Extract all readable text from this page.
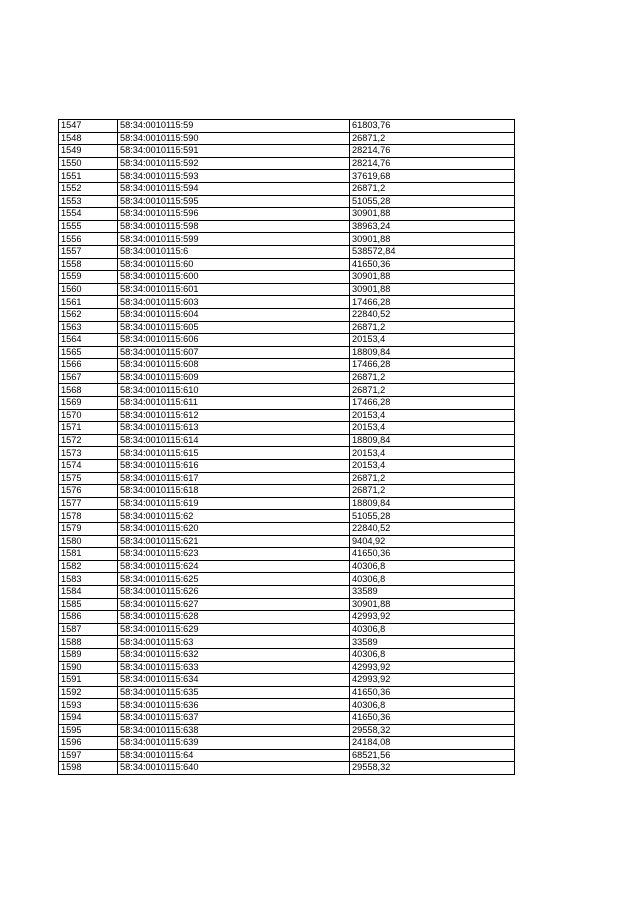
1547	58:34:0010115:59	61803,76
1548	58:34:0010115:590	26871,2
1549	58:34:0010115:591	28214,76
1550	58:34:0010115:592	28214,76
1551	58:34:0010115:593	37619,68
1552	58:34:0010115:594	26871,2
1553	58:34:0010115:595	51055,28
1554	58:34:0010115:596	30901,88
1555	58:34:0010115:598	38963,24
1556	58:34:0010115:599	30901,88
1557	58:34:0010115:6	538572,84
1558	58:34:0010115:60	41650,36
1559	58:34:0010115:600	30901,88
1560	58:34:0010115:601	30901,88
1561	58:34:0010115:603	17466,28
1562	58:34:0010115:604	22840,52
1563	58:34:0010115:605	26871,2
1564	58:34:0010115:606	20153,4
1565	58:34:0010115:607	18809,84
1566	58:34:0010115:608	17466,28
1567	58:34:0010115:609	26871,2
1568	58:34:0010115:610	26871,2
1569	58:34:0010115:611	17466,28
1570	58:34:0010115:612	20153,4
1571	58:34:0010115:613	20153,4
1572	58:34:0010115:614	18809,84
1573	58:34:0010115:615	20153,4
1574	58:34:0010115:616	20153,4
1575	58:34:0010115:617	26871,2
1576	58:34:0010115:618	26871,2
1577	58:34:0010115:619	18809,84
1578	58:34:0010115:62	51055,28
1579	58:34:0010115:620	22840,52
1580	58:34:0010115:621	9404,92
1581	58:34:0010115:623	41650,36
1582	58:34:0010115:624	40306,8
1583	58:34:0010115:625	40306,8
1584	58:34:0010115:626	33589
1585	58:34:0010115:627	30901,88
1586	58:34:0010115:628	42993,92
1587	58:34:0010115:629	40306,8
1588	58:34:0010115:63	33589
1589	58:34:0010115:632	40306,8
1590	58:34:0010115:633	42993,92
1591	58:34:0010115:634	42993,92
1592	58:34:0010115:635	41650,36
1593	58:34:0010115:636	40306,8
1594	58:34:0010115:637	41650,36
1595	58:34:0010115:638	29558,32
1596	58:34:0010115:639	24184,08
1597	58:34:0010115:64	68521,56
1598	58:34:0010115:640	29558,32
